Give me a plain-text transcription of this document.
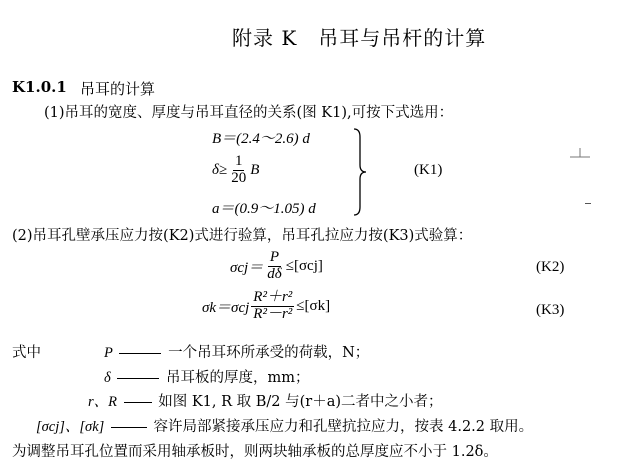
附录 K　吊耳与吊杆的计算
K1.0.1 吊耳的计算
(1)吊耳的宽度、厚度与吊耳直径的关系(图 K1),可按下式选用：
B＝(2.4～2.6) d
$\delta\ge \frac{1}{20}$ B
a＝(0.9～1.05) d
(K1)
(2)吊耳孔壁承压应力按(K2)式进行验算，吊耳孔拉应力按(K3)式验算：
$\sigma cj= \frac{P}{d\delta} \le[\sigma cj]$	(K2)
$\sigma k=\sigma cj \frac{\text{R²＋r²}}{\text{R²－r²}} \le[\sigma k]$	(K3)
式中	P	一个吊耳环所承受的荷载，N；
δ	吊耳板的厚度，mm；
r、R	如图 K1, R 取 B/2 与(r＋a)二者中之小者；
[σcj]、[σk]	容许局部紧接承压应力和孔壁抗拉应力，按表 4.2.2 取用。
为调整吊耳孔位置而采用轴承板时，则两块轴承板的总厚度应不小于 1.2δ。
